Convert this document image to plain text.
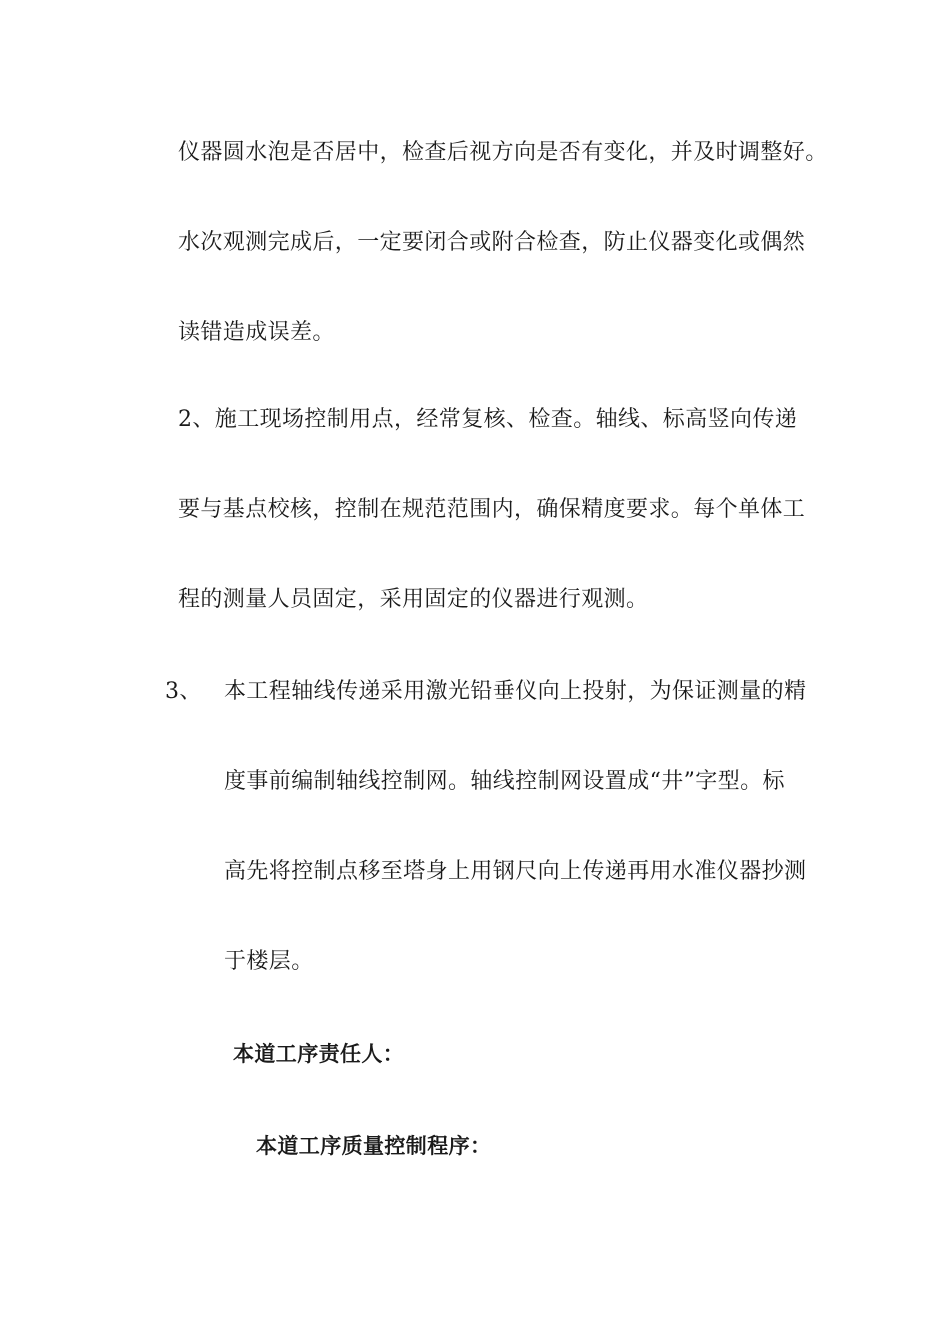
仪器圆水泡是否居中，检查后视方向是否有变化，并及时调整好。
水次观测完成后，一定要闭合或附合检查，防止仪器变化或偶然
读错造成误差。
2、施工现场控制用点，经常复核、检查。轴线、标高竖向传递
要与基点校核，控制在规范范围内，确保精度要求。每个单体工
程的测量人员固定，采用固定的仪器进行观测。
3、 本工程轴线传递采用激光铅垂仪向上投射，为保证测量的精
度事前编制轴线控制网。轴线控制网设置成“井”字型。标
高先将控制点移至塔身上用钢尺向上传递再用水准仪器抄测
于楼层。
本道工序责任人：
本道工序质量控制程序：
